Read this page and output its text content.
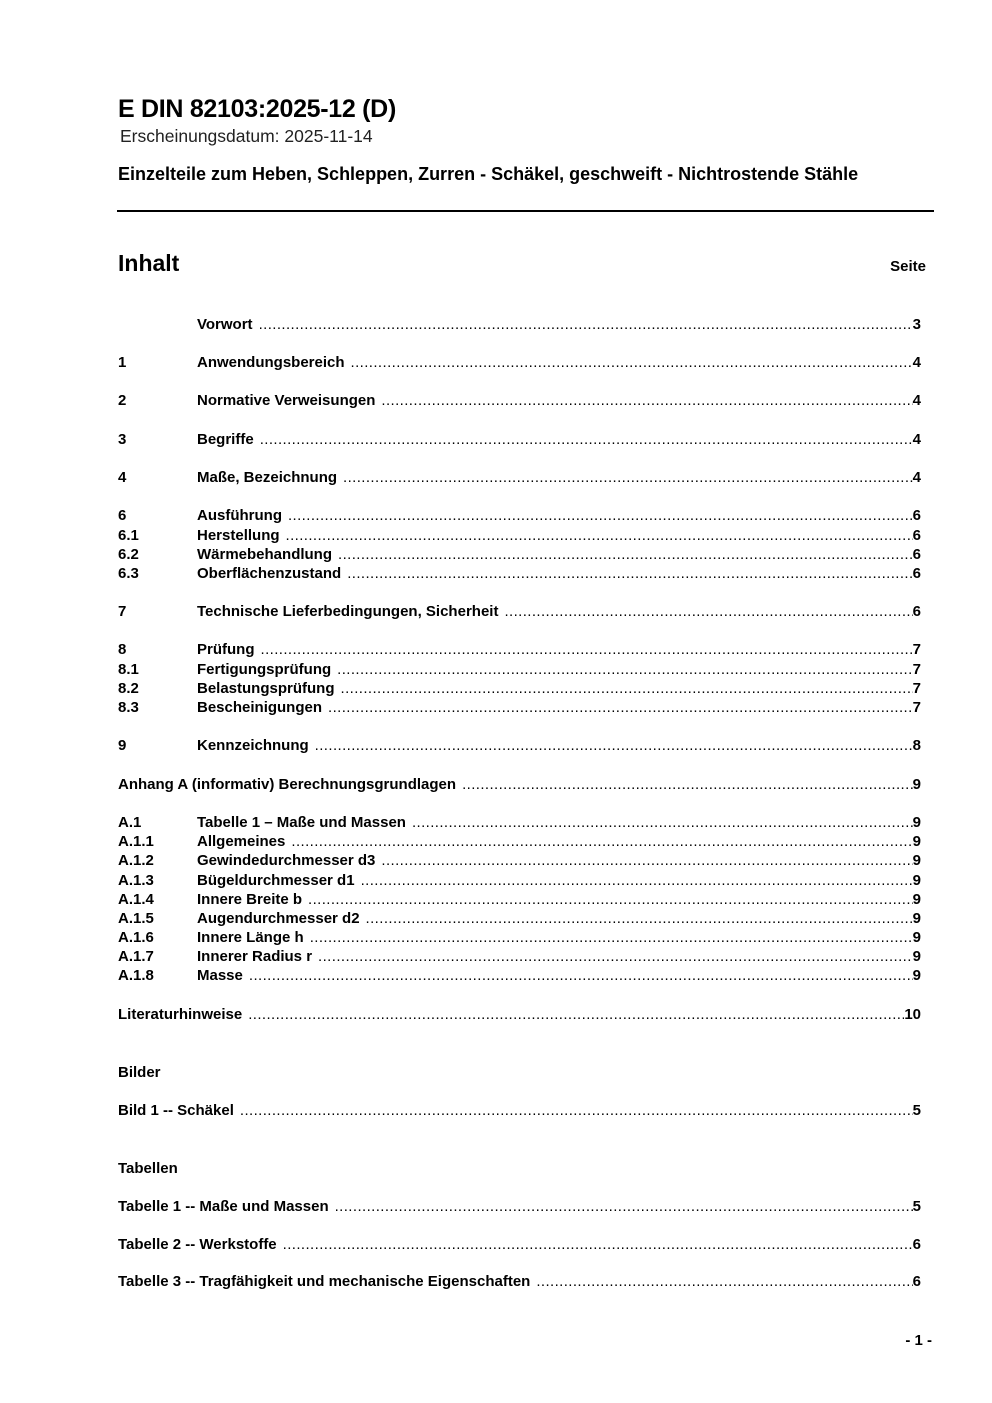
E DIN 82103:2025-12 (D)
Erscheinungsdatum: 2025-11-14
Einzelteile zum Heben, Schleppen, Zurren - Schäkel, geschweift - Nichtrostende Stähle
Inhalt	Seite
Vorwort .....	3
1	Anwendungsbereich .....	4
2	Normative Verweisungen .....	4
3	Begriffe .....	4
4	Maße, Bezeichnung .....	4
6	Ausführung .....	6
6.1	Herstellung .....	6
6.2	Wärmebehandlung .....	6
6.3	Oberflächenzustand .....	6
7	Technische Lieferbedingungen, Sicherheit .....	6
8	Prüfung .....	7
8.1	Fertigungsprüfung .....	7
8.2	Belastungsprüfung .....	7
8.3	Bescheinigungen .....	7
9	Kennzeichnung .....	8
Anhang A (informativ) Berechnungsgrundlagen .....	9
A.1	Tabelle 1 – Maße und Massen .....	9
A.1.1	Allgemeines .....	9
A.1.2	Gewindedurchmesser d3 .....	9
A.1.3	Bügeldurchmesser d1 .....	9
A.1.4	Innere Breite b .....	9
A.1.5	Augendurchmesser d2 .....	9
A.1.6	Innere Länge h .....	9
A.1.7	Innerer Radius r .....	9
A.1.8	Masse .....	9
Literaturhinweise .....	10
Bilder
Bild 1 -- Schäkel .....	5
Tabellen
Tabelle 1 -- Maße und Massen .....	5
Tabelle 2 -- Werkstoffe .....	6
Tabelle 3 -- Tragfähigkeit und mechanische Eigenschaften .....	6
- 1 -
